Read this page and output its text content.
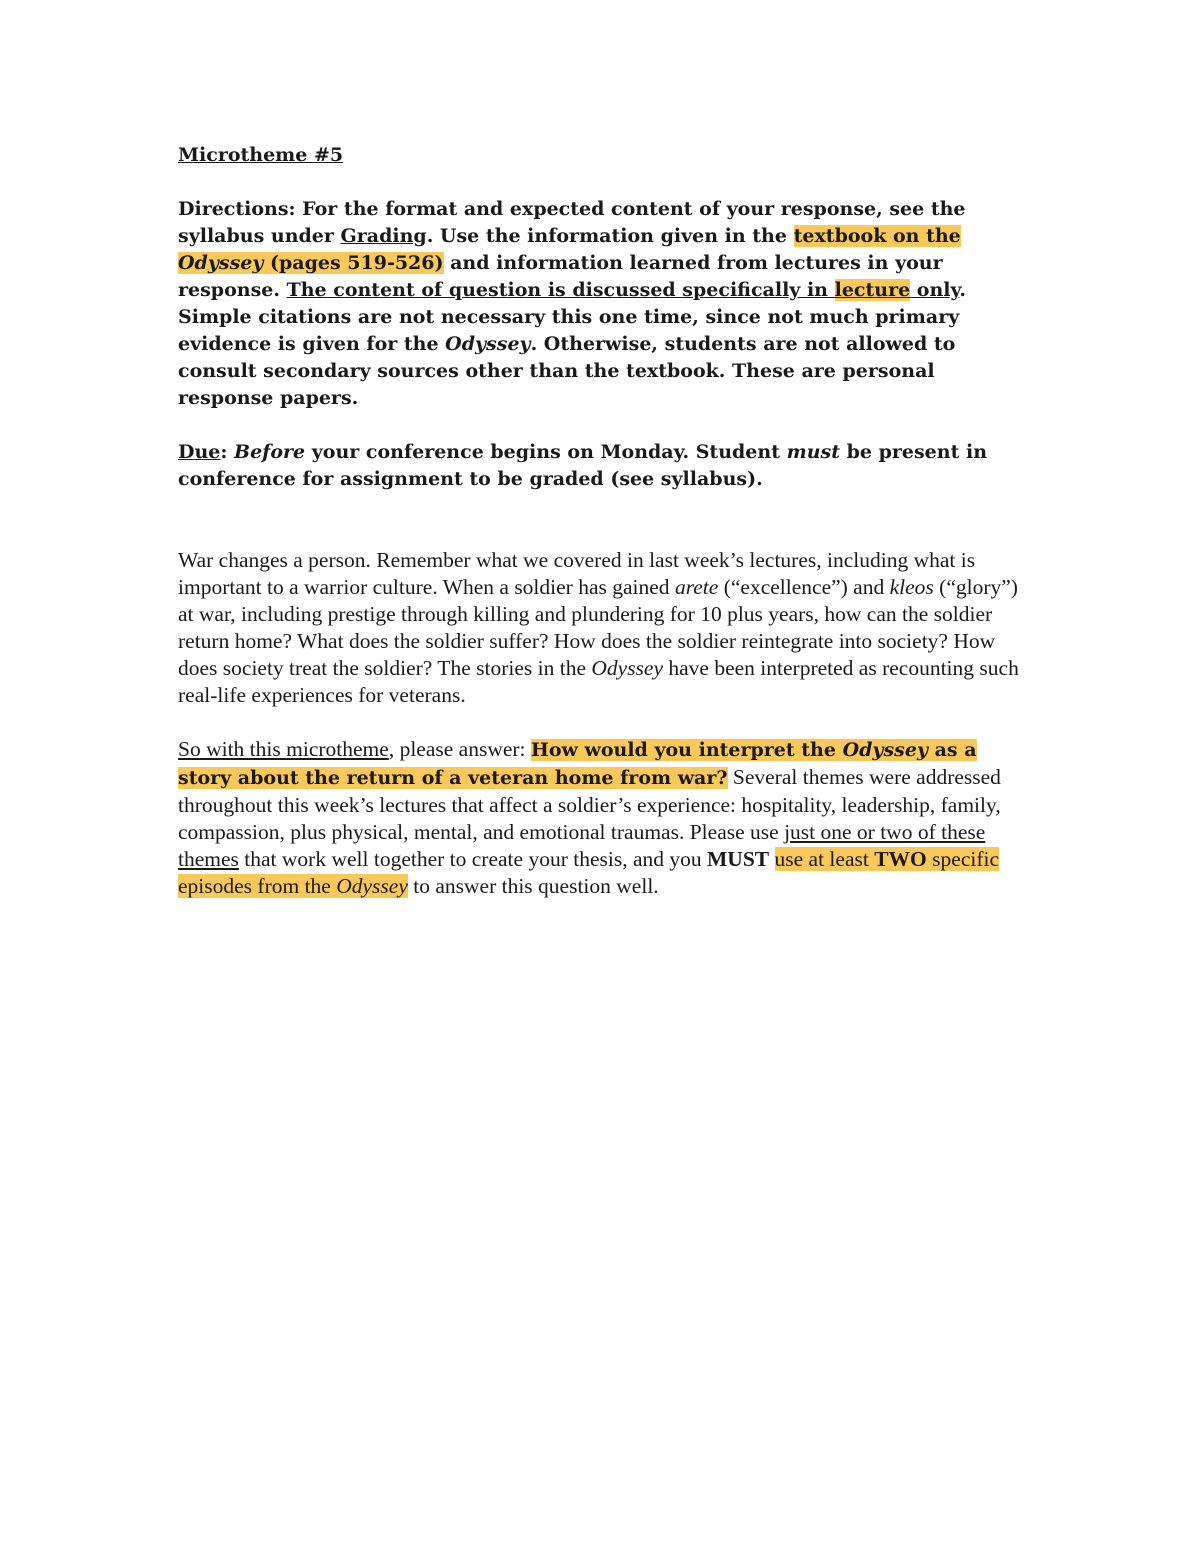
Microtheme #5

Directions: For the format and expected content of your response, see the syllabus under Grading. Use the information given in the textbook on the Odyssey (pages 519-526) and information learned from lectures in your response. The content of question is discussed specifically in lecture only. Simple citations are not necessary this one time, since not much primary evidence is given for the Odyssey. Otherwise, students are not allowed to consult secondary sources other than the textbook. These are personal response papers.

Due: Before your conference begins on Monday. Student must be present in conference for assignment to be graded (see syllabus).

War changes a person. Remember what we covered in last week’s lectures, including what is important to a warrior culture. When a soldier has gained arete (“excellence”) and kleos (“glory”) at war, including prestige through killing and plundering for 10 plus years, how can the soldier return home? What does the soldier suffer? How does the soldier reintegrate into society? How does society treat the soldier? The stories in the Odyssey have been interpreted as recounting such real-life experiences for veterans.

So with this microtheme, please answer: How would you interpret the Odyssey as a story about the return of a veteran home from war? Several themes were addressed throughout this week’s lectures that affect a soldier’s experience: hospitality, leadership, family, compassion, plus physical, mental, and emotional traumas. Please use just one or two of these themes that work well together to create your thesis, and you MUST use at least TWO specific episodes from the Odyssey to answer this question well.
